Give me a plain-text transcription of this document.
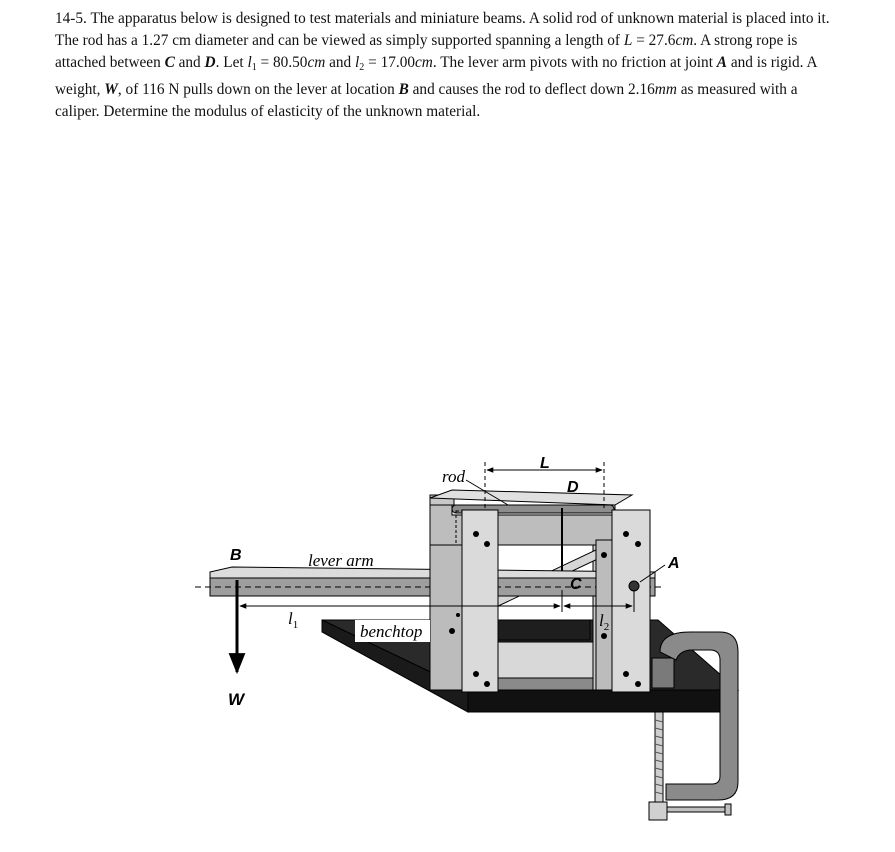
14-5. The apparatus below is designed to test materials and miniature beams. A solid rod of unknown material is placed into it. The rod has a 1.27 cm diameter and can be viewed as simply supported spanning a length of L = 27.6cm. A strong rope is attached between C and D. Let $l_1 = 80.50cm$ and $l_2 = 17.00cm$. The lever arm pivots with no friction at joint A and is rigid. A weight, W, of 116 N pulls down on the lever at location B and causes the rod to deflect down 2.16mm as measured with a caliper. Determine the modulus of elasticity of the unknown material.
rod
L
D
B	lever arm	A
C
$l_1$	$l_2$
benchtop
W
